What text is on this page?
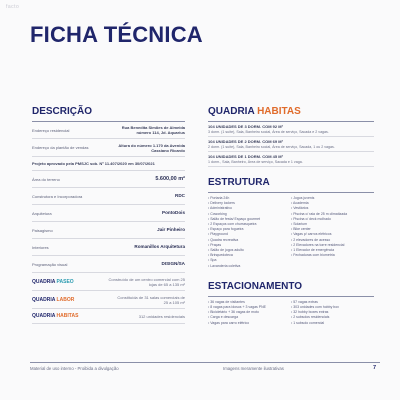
facto
FICHA TÉCNICA
DESCRIÇÃO
Endereço residencial	Rua Benedita Simões de Almeida número 114, Jd. Aquarius
Endereço da plantão de vendas	Altura do número 1.170 da Avenida Cassiano Ricardo
Projeto aprovado pela PMSJC sob. Nº 11.407/2020 em 30/07/2021
Área do terreno	5.600,00 m²
Construtora e Incorporadora	RDC
Arquitetura	PontoDois
Paisagismo	Jair Pinheiro
Interiores	Romanillos Arquitetura
Programação visual	DISIGN/SA
QUADRIA PASEO	Construído de um centro comercial com 25 lojas de 65 a 135 m²
QUADRIA LABOR	Constituída de 31 salas comerciais de 25 a 105 m²
QUADRIA HABITAS	312 unidades residenciais
QUADRIA HABITAS
104 UNIDADES DE 3 DORM. COM 92 M²
3 dorm. (1 suíte), Sala, Banheiro social, Área de serviço, Sacada e 2 vagas.
104 UNIDADES DE 2 DORM. COM 69 M²
2 dorm. (1 suíte), Sala, Banheiro social, Área de serviço, Sacada, 1 ou 2 vagas.
104 UNIDADES DE 1 DORM. COM 45 M²
1 dorm., Sala, Banheiro, Área de serviço, Sacada e 1 vaga.
ESTRUTURA
• Portaria 24h
• Delivery lockers
• Administrativo
• Coworking
• Salão de festa/ Espaço gourmet
• 2 Espaços com churrasqueira
• Espaço para fogueira
• Playground
• Quadra recreativa
• Praças
• Salão de jogos adulto
• Brinquedoteca
• Spa
• Lavanderia coletiva
• Jogos juvenis
• Academia
• Vestiários
• Piscina c/ raia de 25 m climatizada
• Piscina c/ deck molhado
• Solarium
• Bike center
• Vagas p/ carros elétricos
• 2 elevadores de acesso
• 2 Elevadores na torre residencial
• 1 Elevador de emergência
• Fechaduras com biometria
ESTACIONAMENTO
• 36 vagas de visitantes
• 8 vagas para idosos + 3 vagas PNE
• Bicicletário + 36 vagas de moto
• Carga e descarga
• Vagas para carro elétrico
• 57 vagas extras
• 303 unidades com hobby box
• 32 hobby boxes extras
• 2 subsolos residenciais
• 1 subsolo comercial
Material de uso interno - Proibida a divulgação	Imagens meramente ilustrativas	7
